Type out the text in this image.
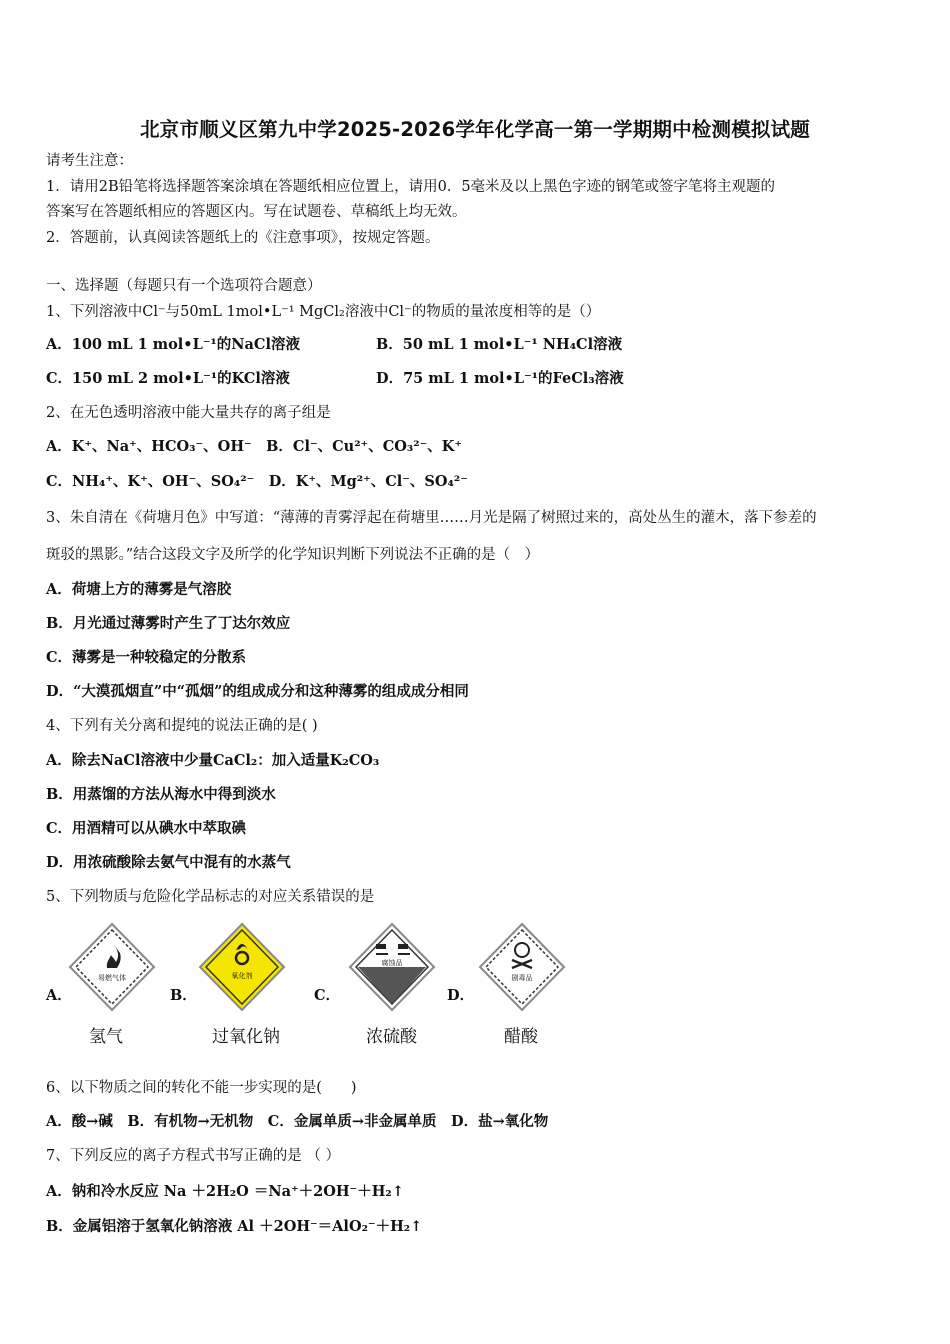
北京市顺义区第九中学2025-2026学年化学高一第一学期期中检测模拟试题
请考生注意：
1．请用2B铅笔将选择题答案涂填在答题纸相应位置上，请用0．5毫米及以上黑色字迹的钢笔或签字笔将主观题的
答案写在答题纸相应的答题区内。写在试题卷、草稿纸上均无效。
2．答题前，认真阅读答题纸上的《注意事项》，按规定答题。
一、选择题（每题只有一个选项符合题意）
1、下列溶液中Cl⁻与50mL 1mol•L⁻¹ MgCl₂溶液中Cl⁻的物质的量浓度相等的是（）
A．100 mL 1 mol•L⁻¹的NaCl溶液	B．50 mL 1 mol•L⁻¹ NH₄Cl溶液
C．150 mL 2 mol•L⁻¹的KCl溶液	D．75 mL 1 mol•L⁻¹的FeCl₃溶液
2、在无色透明溶液中能大量共存的离子组是
A．K⁺、Na⁺、HCO₃⁻、OH⁻　B．Cl⁻、Cu²⁺、CO₃²⁻、K⁺
C．NH₄⁺、K⁺、OH⁻、SO₄²⁻　D．K⁺、Mg²⁺、Cl⁻、SO₄²⁻
3、朱自清在《荷塘月色》中写道：“薄薄的青雾浮起在荷塘里……月光是隔了树照过来的，高处丛生的灌木，落下参差的
斑驳的黑影。”结合这段文字及所学的化学知识判断下列说法不正确的是（　）
A．荷塘上方的薄雾是气溶胶
B．月光通过薄雾时产生了丁达尔效应
C．薄雾是一种较稳定的分散系
D．“大漠孤烟直”中“孤烟”的组成成分和这种薄雾的组成成分相同
4、下列有关分离和提纯的说法正确的是( )
A．除去NaCl溶液中少量CaCl₂：加入适量K₂CO₃
B．用蒸馏的方法从海水中得到淡水
C．用酒精可以从碘水中萃取碘
D．用浓硫酸除去氨气中混有的水蒸气
5、下列物质与危险化学品标志的对应关系错误的是
A．	B．	C．	D．
易燃气体	氧化剂
腐蚀品
剧毒品
氢气	过氧化钠	浓硫酸	醋酸
6、以下物质之间的转化不能一步实现的是(　　)
A．酸→碱　B．有机物→无机物　C．金属单质→非金属单质　D．盐→氧化物
7、下列反应的离子方程式书写正确的是 （ ）
A．钠和冷水反应 Na ＋2H₂O ＝Na⁺＋2OH⁻＋H₂↑
B．金属铝溶于氢氧化钠溶液 Al ＋2OH⁻＝AlO₂⁻＋H₂↑
